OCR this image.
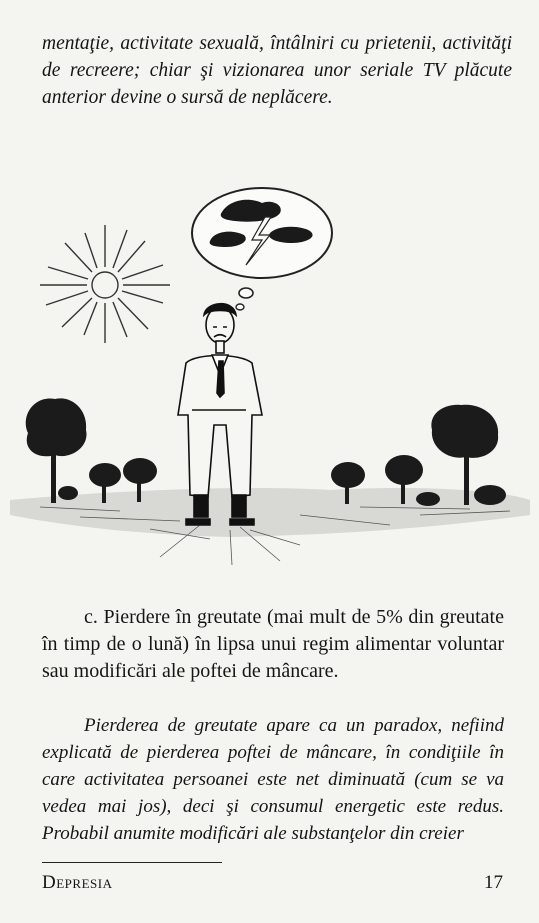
mentaţie, activitate sexuală, întâlniri cu prietenii, activităţi de recreere; chiar şi vizionarea unor seriale TV plăcute anterior devine o sursă de neplăcere.

c. Pierdere în greutate (mai mult de 5% din greutate în timp de o lună) în lipsa unui regim alimentar voluntar sau modificări ale poftei de mâncare.

Pierderea de greutate apare ca un paradox, nefiind explicată de pierderea poftei de mâncare, în condiţiile în care activitatea persoanei este net diminuată (cum se va vedea mai jos), deci şi consumul energetic este redus. Probabil anumite modificări ale substanţelor din creier

Depresia	17
